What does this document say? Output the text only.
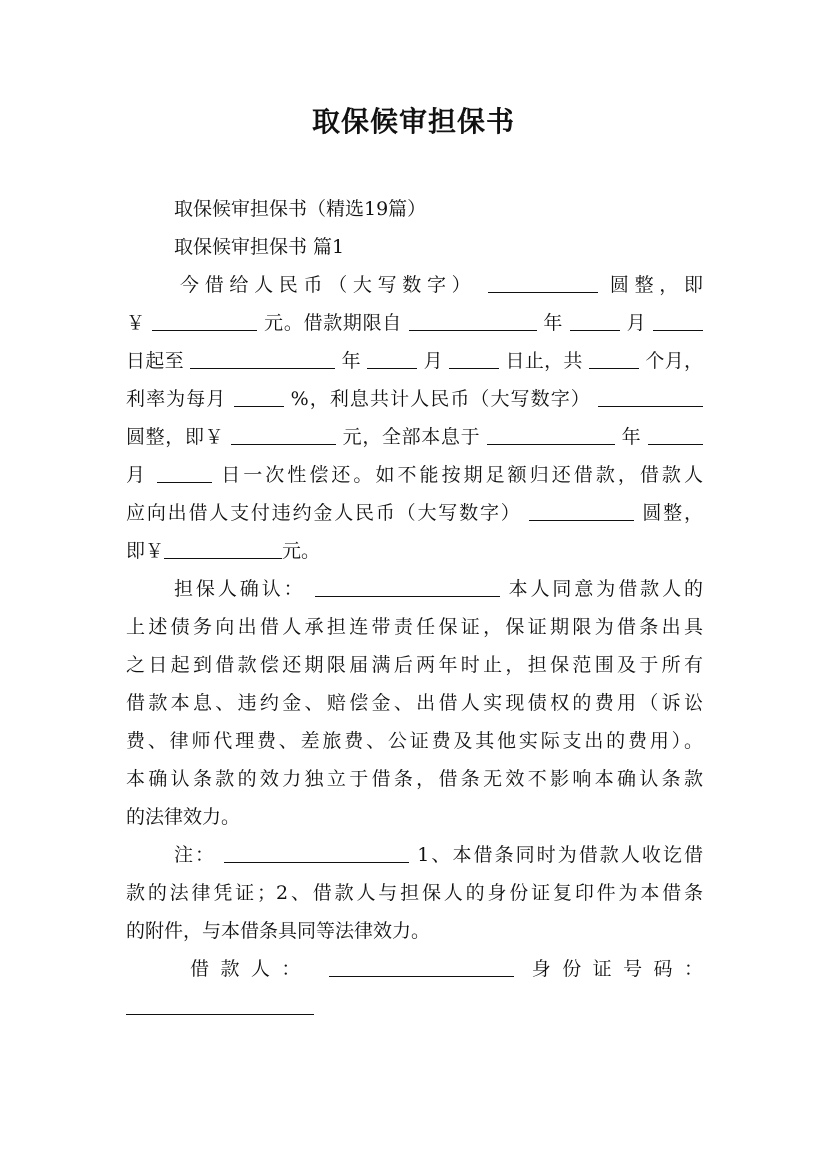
取保候审担保书
取保候审担保书（精选19篇）
取保候审担保书 篇1
今借给人民币（大写数字）	圆整，即
￥	元。借款期限自	年	月
日起至	年	月	日止，共	个月，
利率为每月	%，利息共计人民币（大写数字）
圆整，即￥	元，全部本息于	年
月	日一次性偿还。如不能按期足额归还借款，借款人
应向出借人支付违约金人民币（大写数字）	圆整，
即￥	元。
担保人确认：	本人同意为借款人的
上述债务向出借人承担连带责任保证，保证期限为借条出具
之日起到借款偿还期限届满后两年时止，担保范围及于所有
借款本息、违约金、赔偿金、出借人实现债权的费用（诉讼
费、律师代理费、差旅费、公证费及其他实际支出的费用）。
本确认条款的效力独立于借条，借条无效不影响本确认条款
的法律效力。
注：	1、本借条同时为借款人收讫借
款的法律凭证；2、借款人与担保人的身份证复印件为本借条
的附件，与本借条具同等法律效力。
借款人：	身份证号码：
